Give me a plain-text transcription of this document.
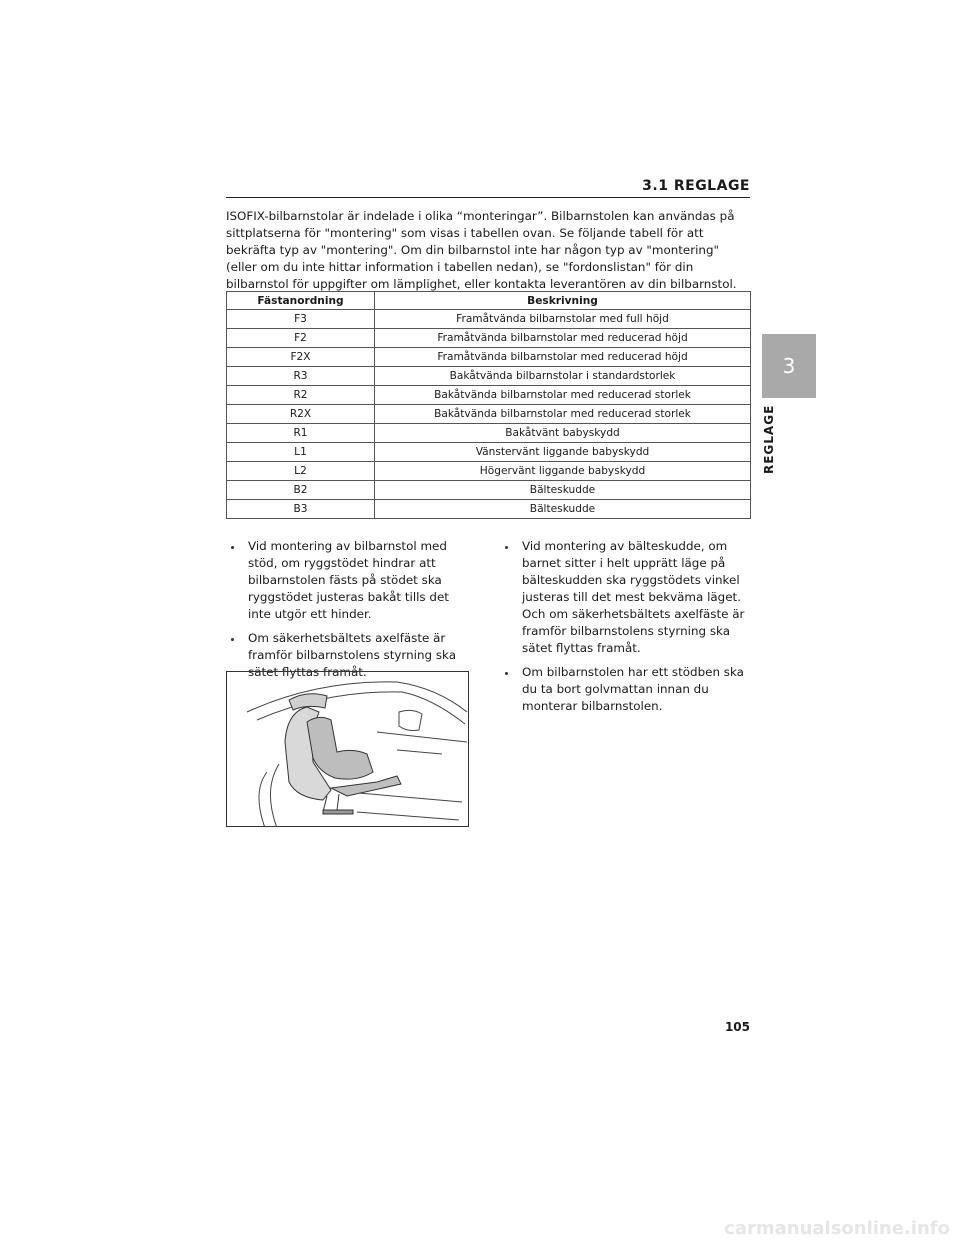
3.1 REGLAGE
3
REGLAGE

ISOFIX-bilbarnstolar är indelade i olika “monteringar”. Bilbarnstolen kan användas på sittplatserna för "montering" som visas i tabellen ovan. Se följande tabell för att bekräfta typ av "montering". Om din bilbarnstol inte har någon typ av "montering" (eller om du inte hittar information i tabellen nedan), se "fordonslistan" för din bilbarnstol för uppgifter om lämplighet, eller kontakta leverantören av din bilbarnstol.

Fästanordning	Beskrivning
F3	Framåtvända bilbarnstolar med full höjd
F2	Framåtvända bilbarnstolar med reducerad höjd
F2X	Framåtvända bilbarnstolar med reducerad höjd
R3	Bakåtvända bilbarnstolar i standardstorlek
R2	Bakåtvända bilbarnstolar med reducerad storlek
R2X	Bakåtvända bilbarnstolar med reducerad storlek
R1	Bakåtvänt babyskydd
L1	Vänstervänt liggande babyskydd
L2	Högervänt liggande babyskydd
B2	Bälteskudde
B3	Bälteskudde
Vid montering av bilbarnstol med stöd, om ryggstödet hindrar att bilbarnstolen fästs på stödet ska ryggstödet justeras bakåt tills det inte utgör ett hinder.
Om säkerhetsbältets axelfäste är framför bilbarnstolens styrning ska sätet flyttas framåt.
Vid montering av bälteskudde, om barnet sitter i helt upprätt läge på bälteskudden ska ryggstödets vinkel justeras till det mest bekväma läget. Och om säkerhetsbältets axelfäste är framför bilbarnstolens styrning ska sätet flyttas framåt.
Om bilbarnstolen har ett stödben ska du ta bort golvmattan innan du monterar bilbarnstolen.
105
carmanualsonline.info
